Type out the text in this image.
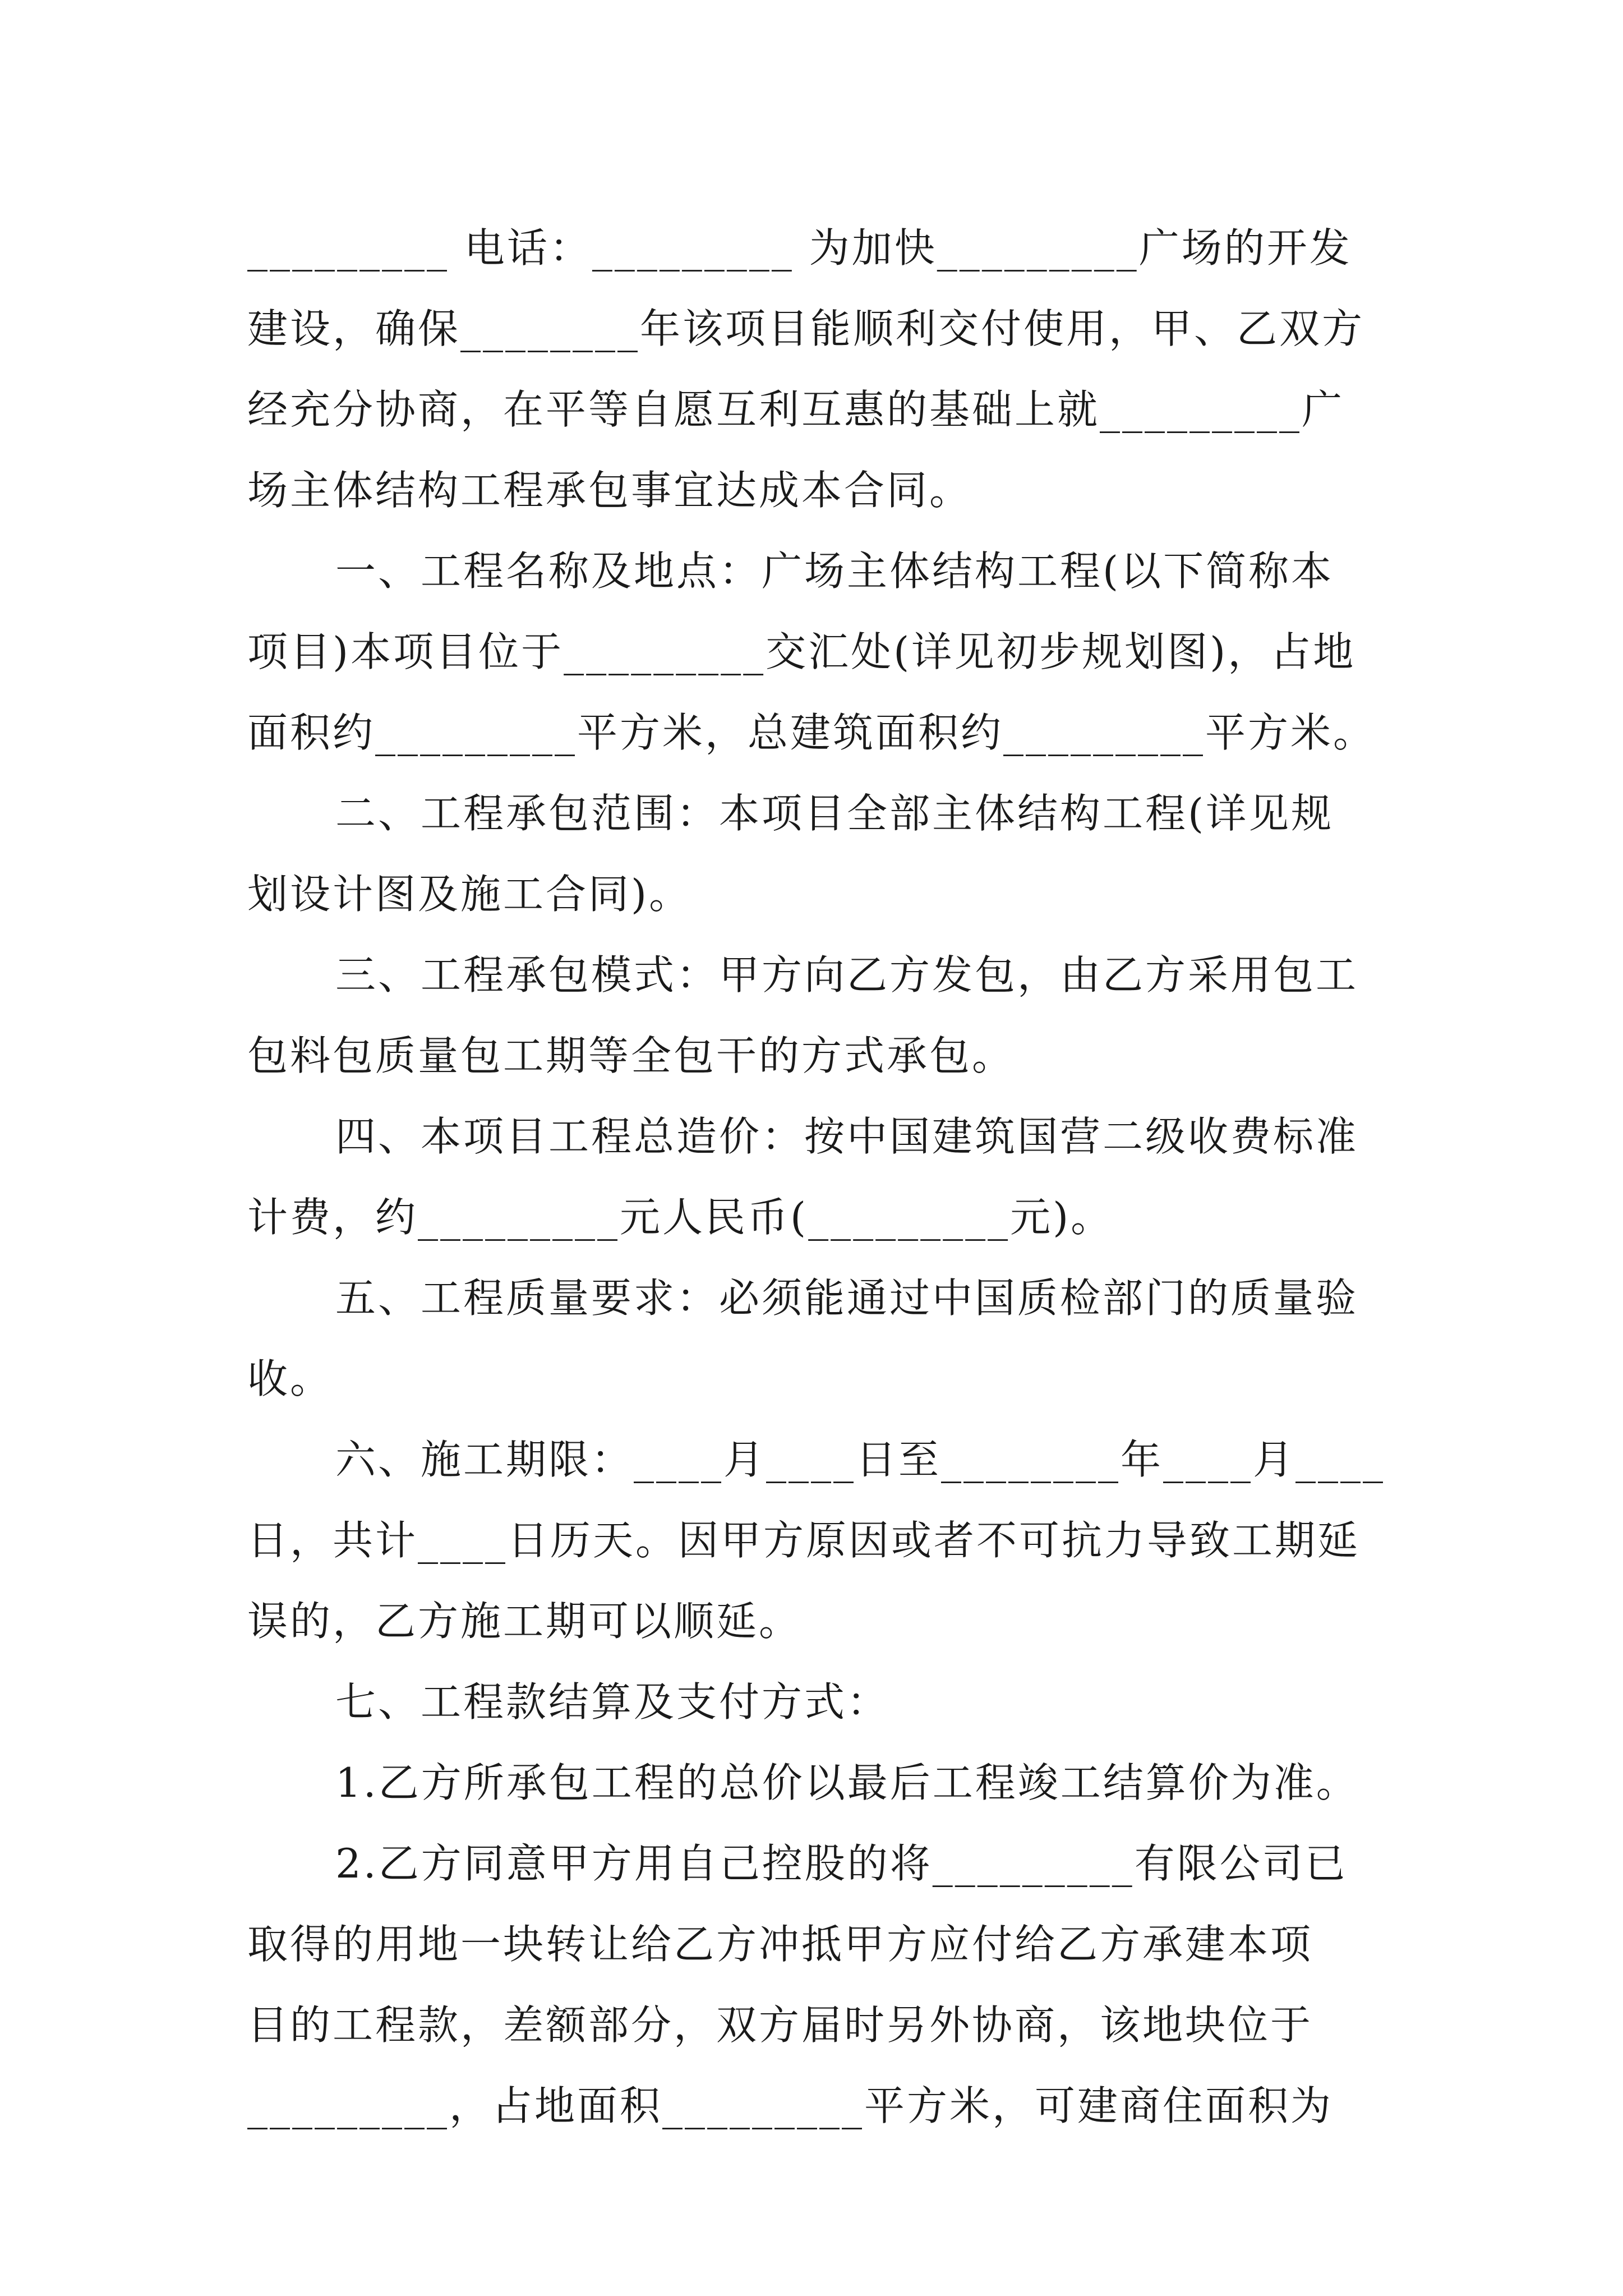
_________ 电话：_________ 为加快_________广场的开发
建设，确保________年该项目能顺利交付使用，甲、乙双方
经充分协商，在平等自愿互利互惠的基础上就_________广
场主体结构工程承包事宜达成本合同。
一、工程名称及地点：广场主体结构工程(以下简称本
项目)本项目位于_________交汇处(详见初步规划图)，占地
面积约_________平方米，总建筑面积约_________平方米。
二、工程承包范围：本项目全部主体结构工程(详见规
划设计图及施工合同)。
三、工程承包模式：甲方向乙方发包，由乙方采用包工
包料包质量包工期等全包干的方式承包。
四、本项目工程总造价：按中国建筑国营二级收费标准
计费，约_________元人民币(_________元)。
五、工程质量要求：必须能通过中国质检部门的质量验
收。
六、施工期限：____月____日至________年____月____
日，共计____日历天。因甲方原因或者不可抗力导致工期延
误的，乙方施工期可以顺延。
七、工程款结算及支付方式：
1.乙方所承包工程的总价以最后工程竣工结算价为准。
2.乙方同意甲方用自己控股的将_________有限公司已
取得的用地一块转让给乙方冲抵甲方应付给乙方承建本项
目的工程款，差额部分，双方届时另外协商，该地块位于
_________，占地面积_________平方米，可建商住面积为
